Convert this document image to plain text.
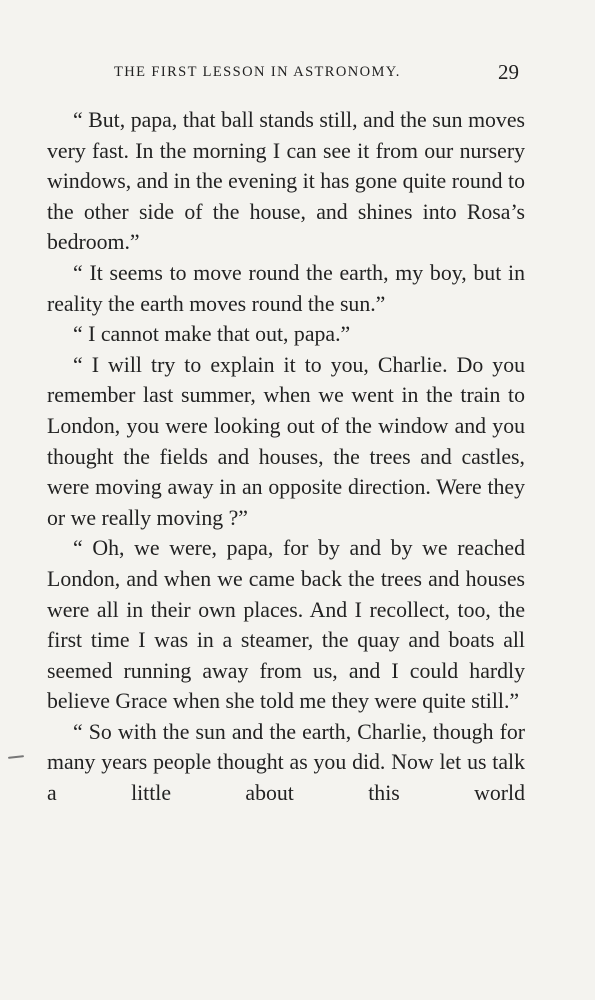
THE FIRST LESSON IN ASTRONOMY.	29

“ But, papa, that ball stands still, and the sun moves very fast. In the morning I can see it from our nursery windows, and in the evening it has gone quite round to the other side of the house, and shines into Rosa’s bedroom.”

“ It seems to move round the earth, my boy, but in reality the earth moves round the sun.”

“ I cannot make that out, papa.”

“ I will try to explain it to you, Charlie. Do you remember last summer, when we went in the train to London, you were looking out of the window and you thought the fields and houses, the trees and castles, were moving away in an opposite direction. Were they or we really moving ?”

“ Oh, we were, papa, for by and by we reached London, and when we came back the trees and houses were all in their own places. And I recollect, too, the first time I was in a steamer, the quay and boats all seemed running away from us, and I could hardly believe Grace when she told me they were quite still.”

“ So with the sun and the earth, Charlie, though for many years people thought as you did. Now let us talk a little about this world
